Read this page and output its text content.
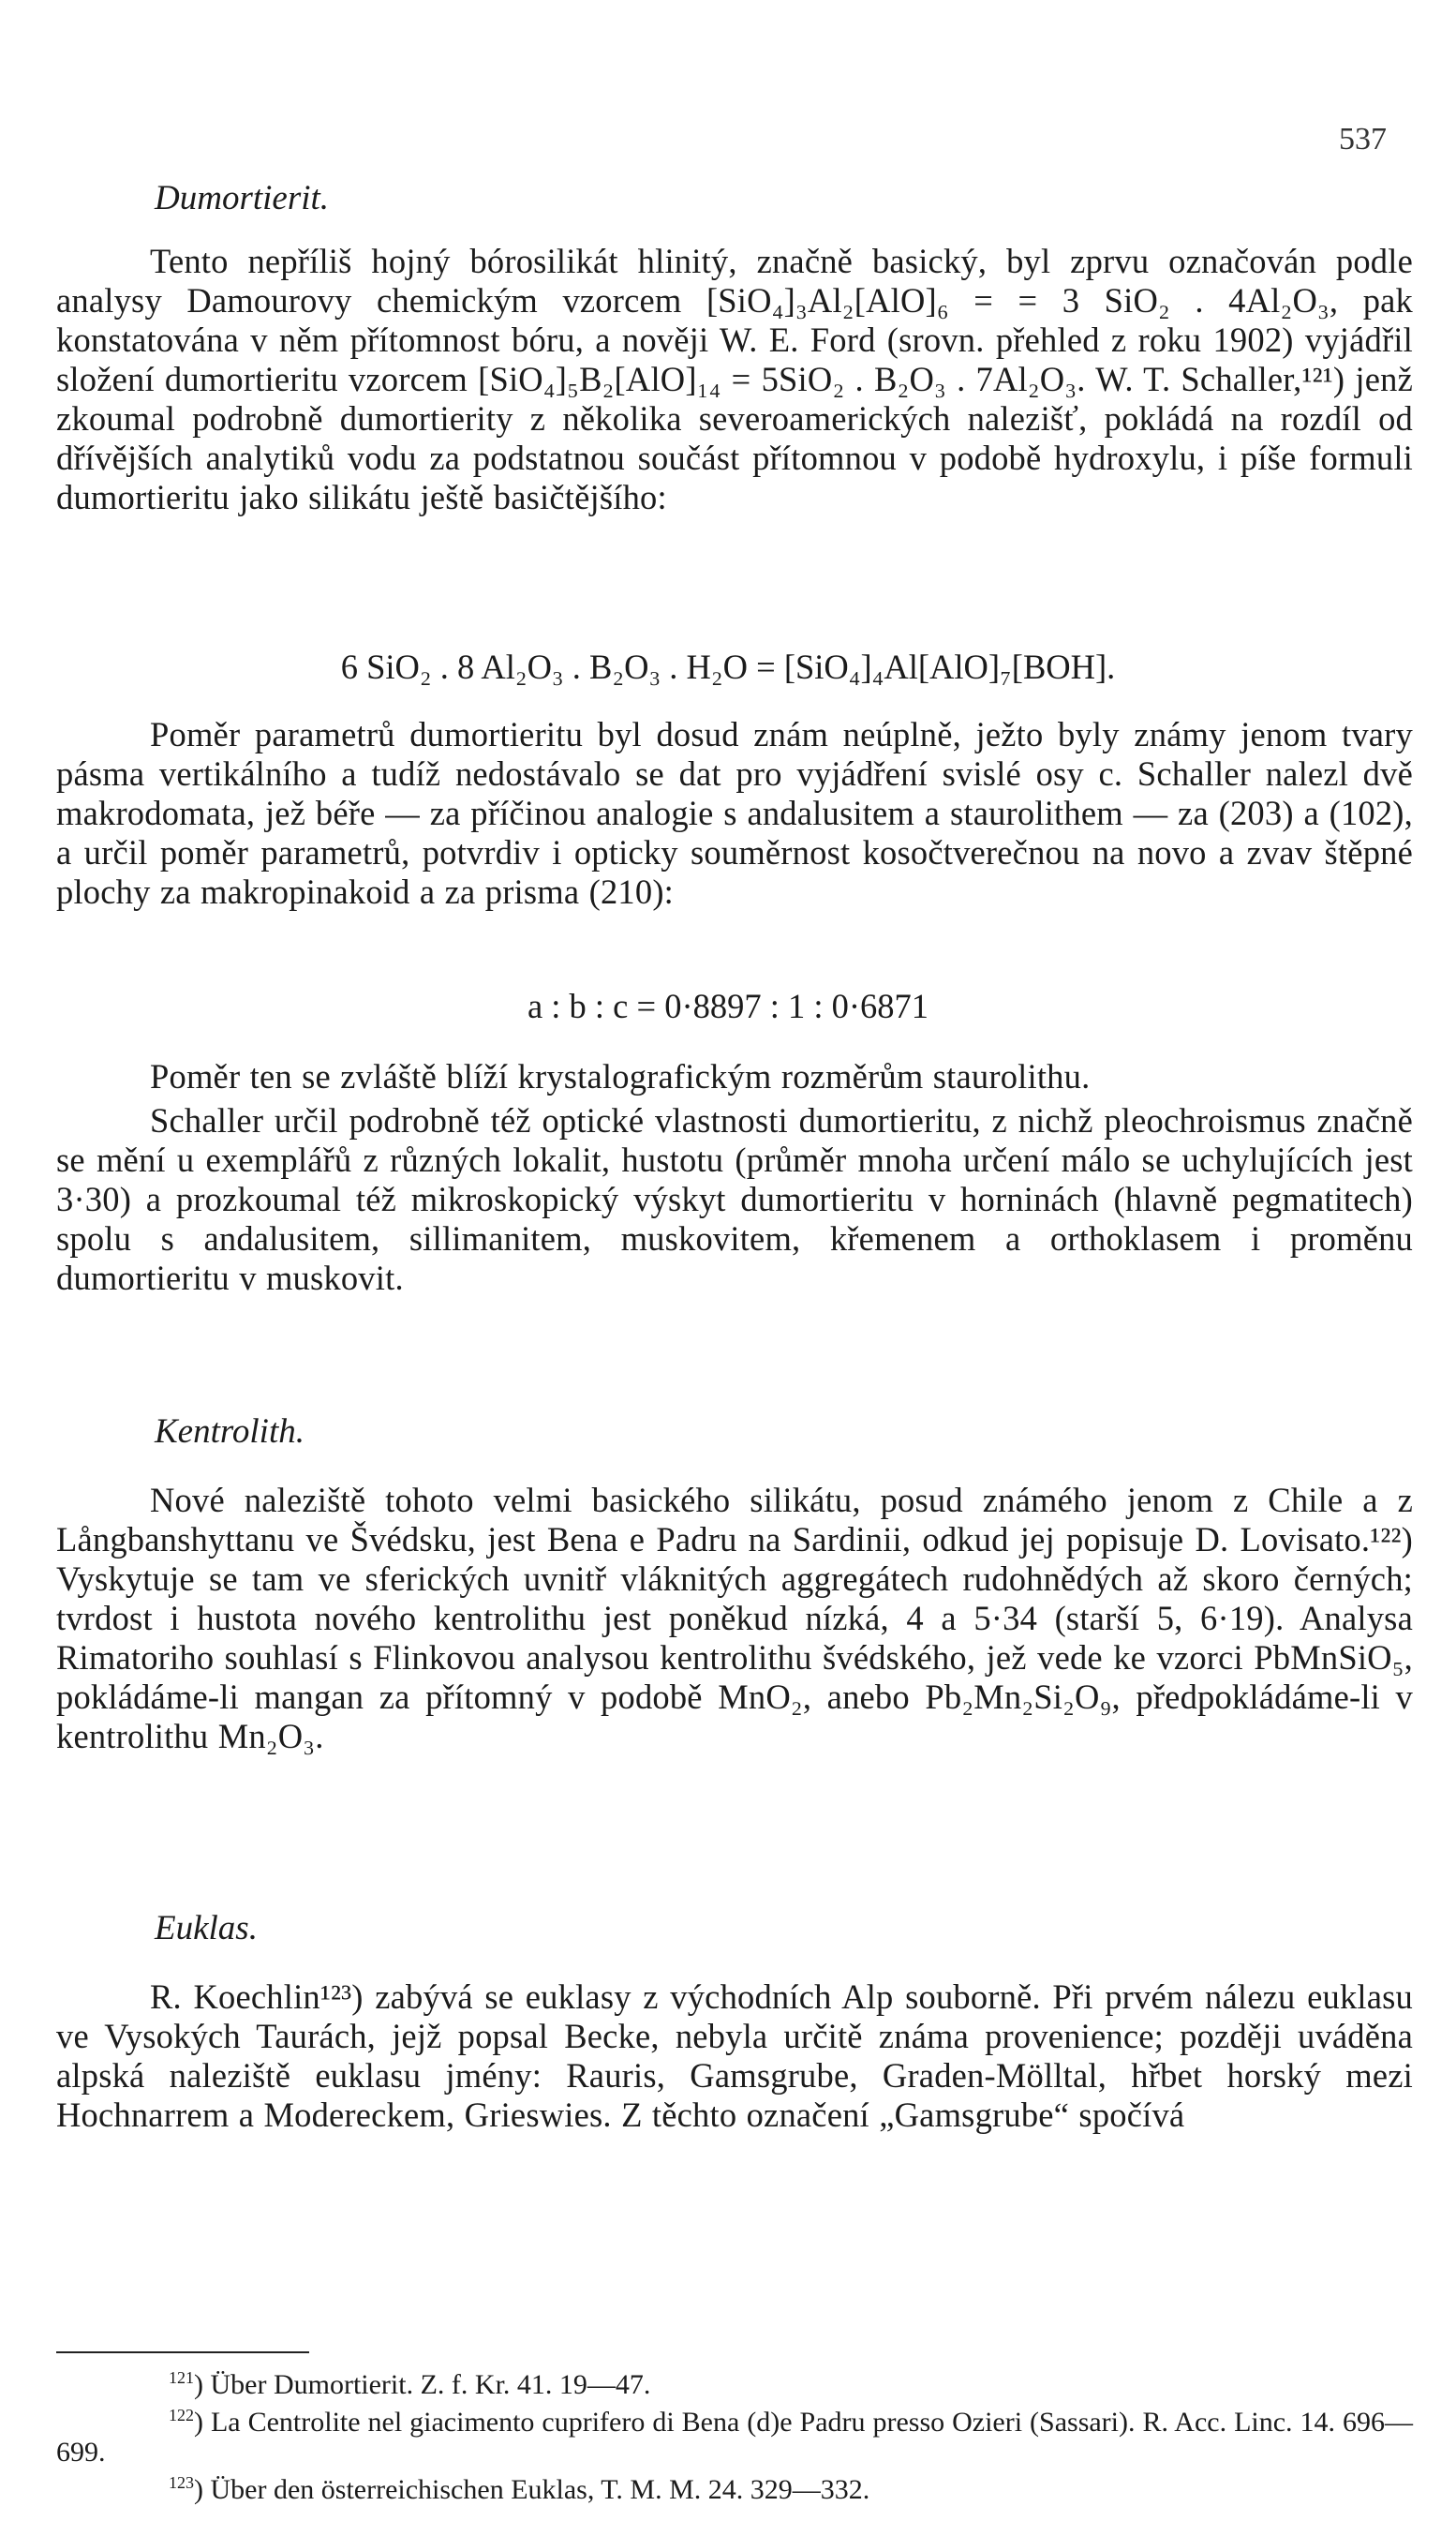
537
Dumortierit.

Tento nepříliš hojný bórosilikát hlinitý, značně basický, byl zprvu označován podle analysy Damourovy chemickým vzorcem [SiO₄]₃Al₂[AlO]₆ = = 3 SiO₂ . 4Al₂O₃, pak konstatována v něm přítomnost bóru, a nověji W. E. Ford (srovn. přehled z roku 1902) vyjádřil složení dumortieritu vzorcem [SiO₄]₅B₂[AlO]₁₄ = 5SiO₂ . B₂O₃ . 7Al₂O₃. W. T. Schaller,¹²¹) jenž zkoumal podrobně dumortierity z několika severoamerických nalezišť, pokládá na rozdíl od dřívějších analytiků vodu za podstatnou součást přítomnou v podobě hydroxylu, i píše formuli dumortieritu jako silikátu ještě basičtějšího:

6 SiO₂ . 8 Al₂O₃ . B₂O₃ . H₂O = [SiO₄]₄Al[AlO]₇[BOH].

Poměr parametrů dumortieritu byl dosud znám neúplně, ježto byly známy jenom tvary pásma vertikálního a tudíž nedostávalo se dat pro vyjádření svislé osy c. Schaller nalezl dvě makrodomata, jež béře — za příčinou analogie s andalusitem a staurolithem — za (203) a (102), a určil poměr parametrů, potvrdiv i opticky souměrnost kosočtverečnou na novo a zvav štěpné plochy za makropinakoid a za prisma (210):

a : b : c = 0·8897 : 1 : 0·6871

Poměr ten se zvláště blíží krystalografickým rozměrům staurolithu.

Schaller určil podrobně též optické vlastnosti dumortieritu, z nichž pleochroismus značně se mění u exemplářů z různých lokalit, hustotu (průměr mnoha určení málo se uchylujících jest 3·30) a prozkoumal též mikroskopický výskyt dumortieritu v horninách (hlavně pegmatitech) spolu s andalusitem, sillimanitem, muskovitem, křemenem a orthoklasem i proměnu dumortieritu v muskovit.

Kentrolith.

Nové naleziště tohoto velmi basického silikátu, posud známého jenom z Chile a z Långbanshyttanu ve Švédsku, jest Bena e Padru na Sardinii, odkud jej popisuje D. Lovisato.¹²²) Vyskytuje se tam ve sferických uvnitř vláknitých aggregátech rudohnědých až skoro černých; tvrdost i hustota nového kentrolithu jest poněkud nízká, 4 a 5·34 (starší 5, 6·19). Analysa Rimatoriho souhlasí s Flinkovou analysou kentrolithu švédského, jež vede ke vzorci PbMnSiO₅, pokládáme-li mangan za přítomný v podobě MnO₂, anebo Pb₂Mn₂Si₂O₉, předpokládáme-li v kentrolithu Mn₂O₃.

Euklas.

R. Koechlin¹²³) zabývá se euklasy z východních Alp souborně. Při prvém nálezu euklasu ve Vysokých Taurách, jejž popsal Becke, nebyla určitě známa provenience; později uváděna alpská naleziště euklasu jmény: Rauris, Gamsgrube, Graden-Mölltal, hřbet horský mezi Hochnarrem a Modereckem, Grieswies. Z těchto označení „Gamsgrube“ spočívá

$^{121}$) Über Dumortierit. Z. f. Kr. 41. 19—47.
$^{122}$) La Centrolite nel giacimento cuprifero di Bena (d)e Padru presso Ozieri (Sassari). R. Acc. Linc. 14. 696—699.
$^{123}$) Über den österreichischen Euklas, T. M. M. 24. 329—332.
